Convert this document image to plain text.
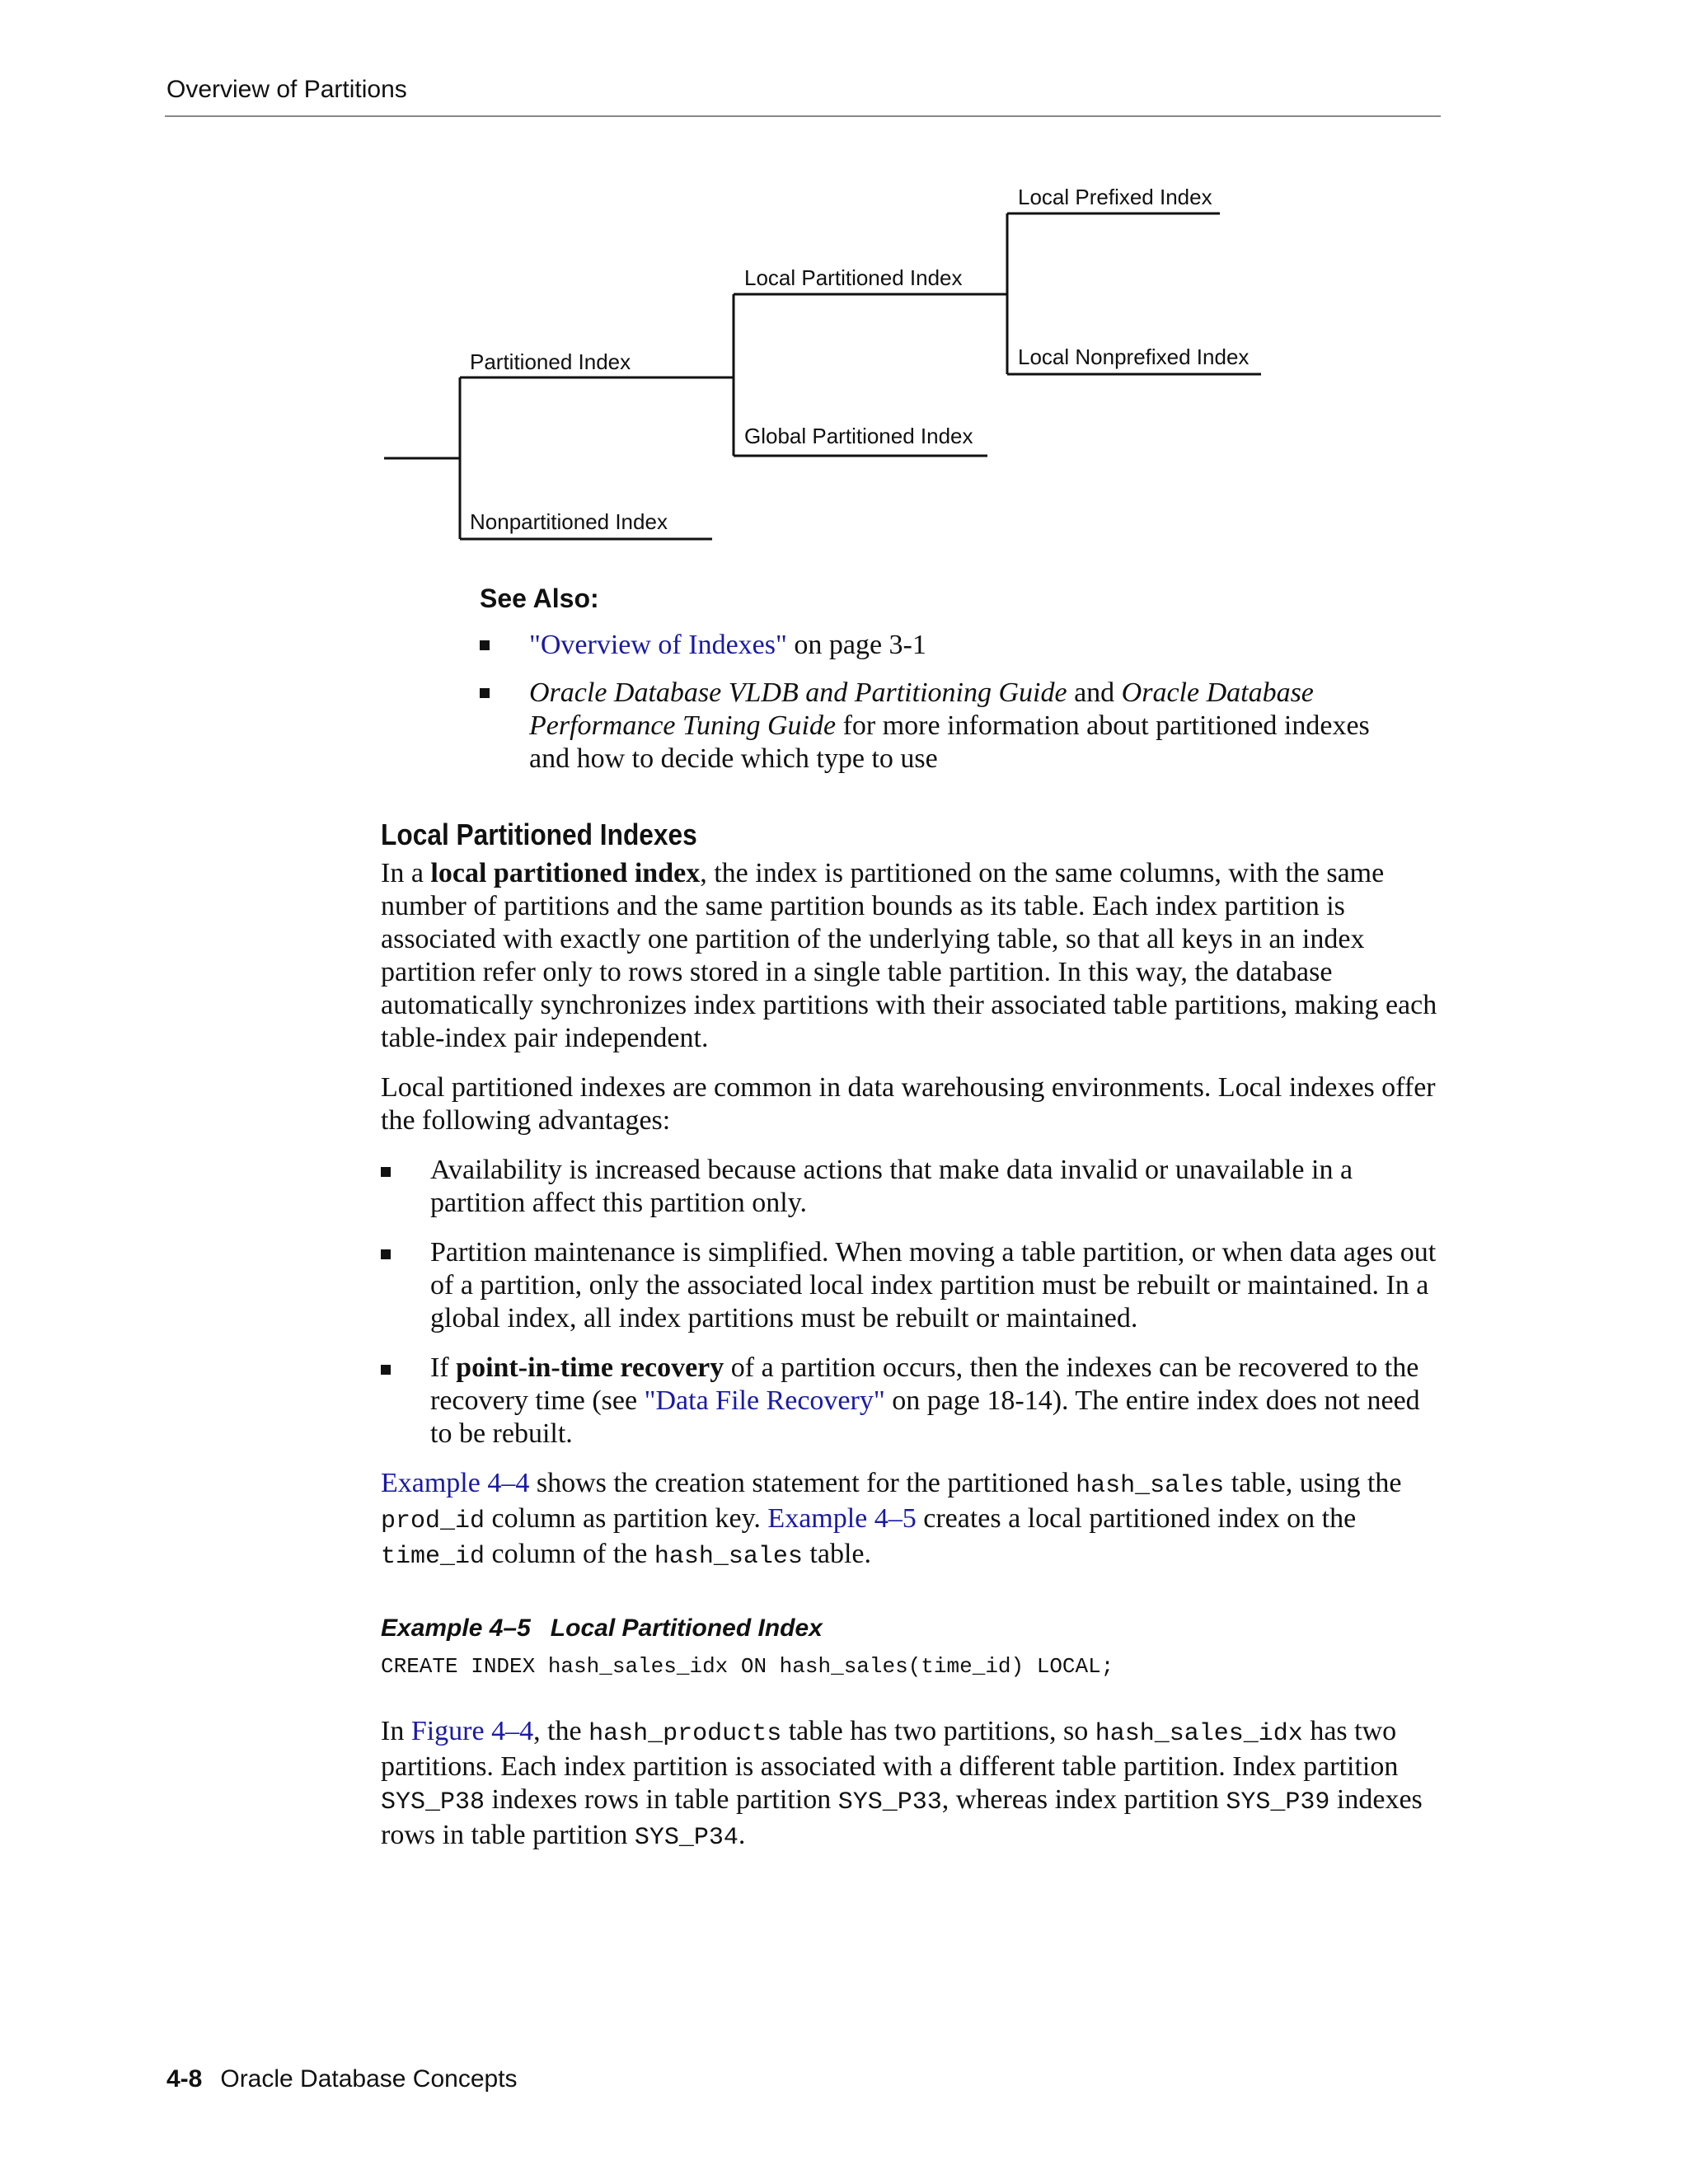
Overview of Partitions
Partitioned Index
Nonpartitioned Index
Local Partitioned Index
Global Partitioned Index
Local Prefixed Index
Local Nonprefixed Index
See Also:
"Overview of Indexes" on page 3-1
Oracle Database VLDB and Partitioning Guide and Oracle Database Performance Tuning Guide for more information about partitioned indexes and how to decide which type to use
Local Partitioned Indexes

In a local partitioned index, the index is partitioned on the same columns, with the same number of partitions and the same partition bounds as its table. Each index partition is associated with exactly one partition of the underlying table, so that all keys in an index partition refer only to rows stored in a single table partition. In this way, the database automatically synchronizes index partitions with their associated table partitions, making each table-index pair independent.

Local partitioned indexes are common in data warehousing environments. Local indexes offer the following advantages:

Availability is increased because actions that make data invalid or unavailable in a partition affect this partition only.
Partition maintenance is simplified. When moving a table partition, or when data ages out of a partition, only the associated local index partition must be rebuilt or maintained. In a global index, all index partitions must be rebuilt or maintained.
If point-in-time recovery of a partition occurs, then the indexes can be recovered to the recovery time (see "Data File Recovery" on page 18-14). The entire index does not need to be rebuilt.

Example 4–4 shows the creation statement for the partitioned hash_sales table, using the prod_id column as partition key. Example 4–5 creates a local partitioned index on the time_id column of the hash_sales table.

Example 4–5 Local Partitioned Index
CREATE INDEX hash_sales_idx ON hash_sales(time_id) LOCAL;

In Figure 4–4, the hash_products table has two partitions, so hash_sales_idx has two partitions. Each index partition is associated with a different table partition. Index partition SYS_P38 indexes rows in table partition SYS_P33, whereas index partition SYS_P39 indexes rows in table partition SYS_P34.

4-8 Oracle Database Concepts
